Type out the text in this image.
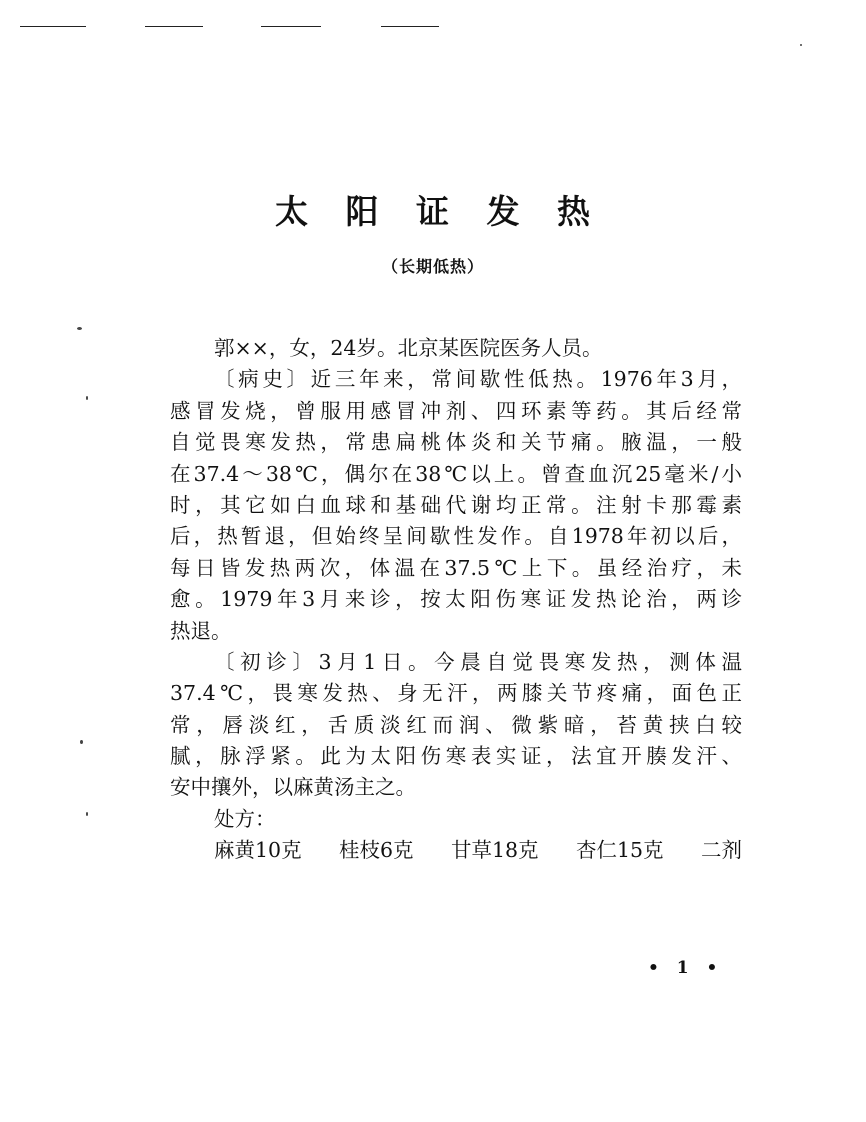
太 阳 证 发 热
（长期低热）
郭××，女，24岁。北京某医院医务人员。
〔病史〕近三年来，常间歇性低热。1976年3月，
感冒发烧，曾服用感冒冲剂、四环素等药。其后经常
自觉畏寒发热，常患扁桃体炎和关节痛。腋温，一般
在37.4～38℃，偶尔在38℃以上。曾查血沉25毫米/小
时，其它如白血球和基础代谢均正常。注射卡那霉素
后，热暂退，但始终呈间歇性发作。自1978年初以后，
每日皆发热两次，体温在37.5℃上下。虽经治疗，未
愈。1979年3月来诊，按太阳伤寒证发热论治，两诊
热退。
〔初诊〕3月1日。今晨自觉畏寒发热，测体温
37.4℃，畏寒发热、身无汗，两膝关节疼痛，面色正
常，唇淡红，舌质淡红而润、微紫暗，苔黄挟白较
腻，脉浮紧。此为太阳伤寒表实证，法宜开腠发汗、
安中攘外，以麻黄汤主之。
处方：
麻黄10克 桂枝6克 甘草18克 杏仁15克 二剂
• 1 •
